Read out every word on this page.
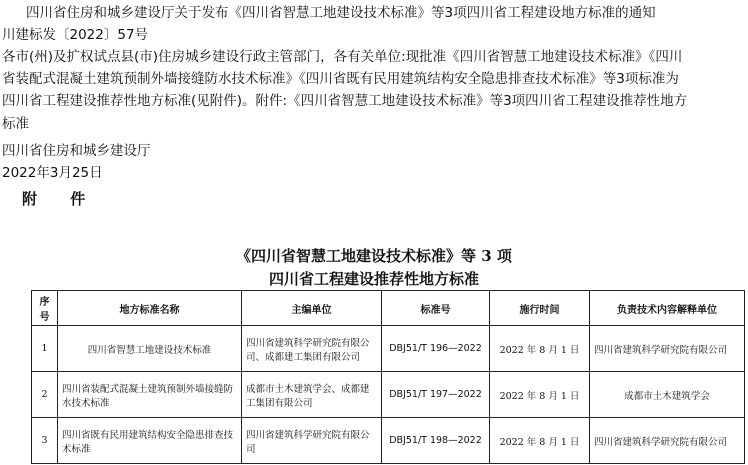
四川省住房和城乡建设厅关于发布《四川省智慧工地建设技术标准》等3项四川省工程建设地方标准的通知
川建标发〔2022〕57号
各市(州)及扩权试点县(市)住房城乡建设行政主管部门，各有关单位:现批准《四川省智慧工地建设技术标准》《四川
省装配式混凝土建筑预制外墙接缝防水技术标准》《四川省既有民用建筑结构安全隐患排查技术标准》等3项标准为
四川省工程建设推荐性地方标准(见附件)。附件:《四川省智慧工地建设技术标准》等3项四川省工程建设推荐性地方
标准
四川省住房和城乡建设厅
2022年3月25日
附 件
《四川省智慧工地建设技术标准》等 3 项
四川省工程建设推荐性地方标准
序号	地方标准名称	主编单位	标准号	施行时间	负责技术内容解释单位
1	四川省智慧工地建设技术标准	四川省建筑科学研究院有限公司、成都建工集团有限公司	DBJ51/T 196—2022	2022 年 8 月 1 日	四川省建筑科学研究院有限公司
2	四川省装配式混凝土建筑预制外墙接缝防水技术标准	成都市土木建筑学会、成都建工集团有限公司	DBJ51/T 197—2022	2022 年 8 月 1 日	成都市土木建筑学会
3	四川省既有民用建筑结构安全隐患排查技术标准	四川省建筑科学研究院有限公司	DBJ51/T 198—2022	2022 年 8 月 1 日	四川省建筑科学研究院有限公司
